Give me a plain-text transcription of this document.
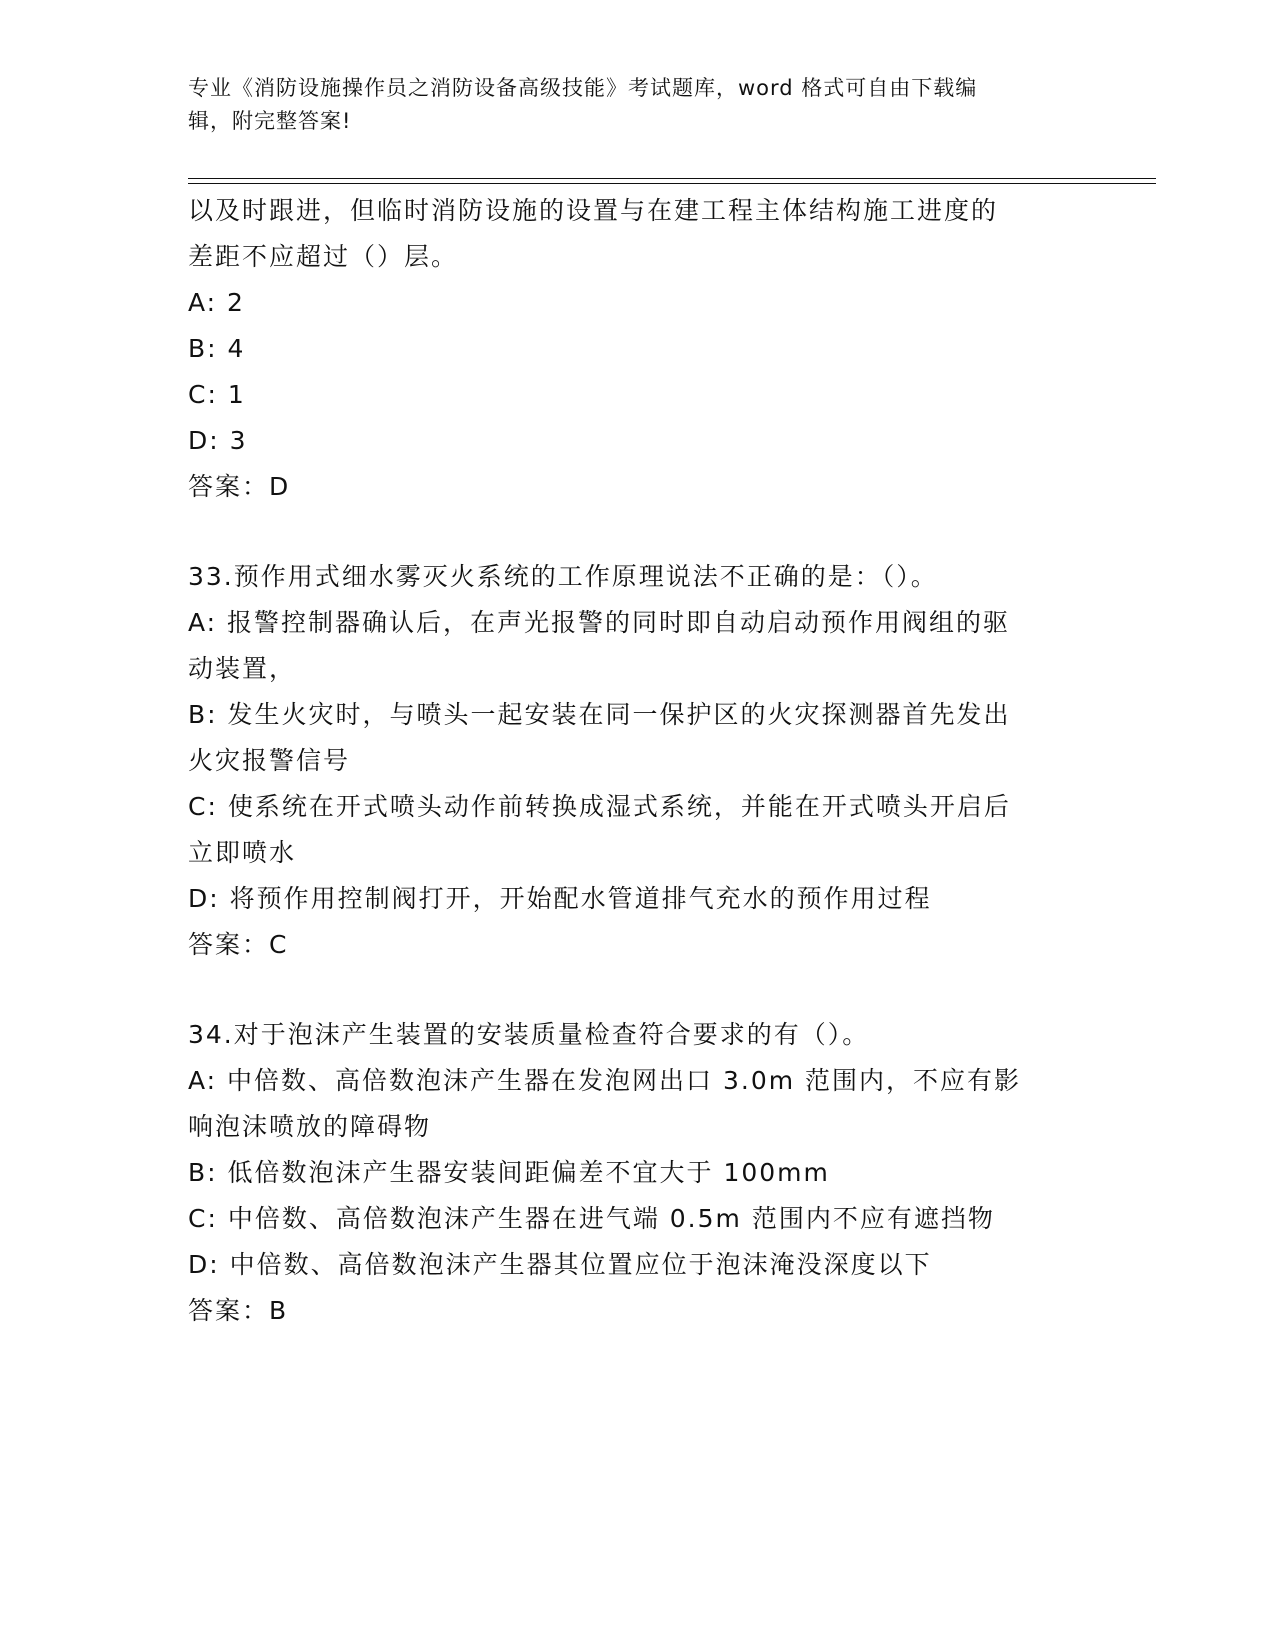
专业《消防设施操作员之消防设备高级技能》考试题库，word 格式可自由下载编
辑，附完整答案!
以及时跟进，但临时消防设施的设置与在建工程主体结构施工进度的
差距不应超过（）层。
A: 2
B: 4
C: 1
D: 3
答案：D
33.预作用式细水雾灭火系统的工作原理说法不正确的是：（）。
A: 报警控制器确认后，在声光报警的同时即自动启动预作用阀组的驱
动装置，
B: 发生火灾时，与喷头一起安装在同一保护区的火灾探测器首先发出
火灾报警信号
C: 使系统在开式喷头动作前转换成湿式系统，并能在开式喷头开启后
立即喷水
D: 将预作用控制阀打开，开始配水管道排气充水的预作用过程
答案：C
34.对于泡沫产生装置的安装质量检查符合要求的有（）。
A: 中倍数、高倍数泡沫产生器在发泡网出口 3.0m 范围内，不应有影
响泡沫喷放的障碍物
B: 低倍数泡沫产生器安装间距偏差不宜大于 100mm
C: 中倍数、高倍数泡沫产生器在进气端 0.5m 范围内不应有遮挡物
D: 中倍数、高倍数泡沫产生器其位置应位于泡沫淹没深度以下
答案：B
